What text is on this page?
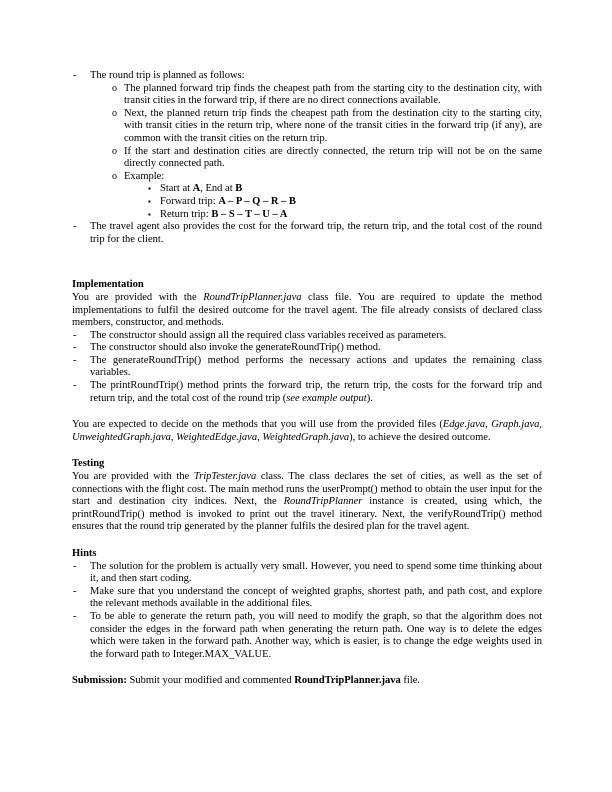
- The round trip is planned as follows:
o The planned forward trip finds the cheapest path from the starting city to the destination city, with transit cities in the forward trip, if there are no direct connections available.
o Next, the planned return trip finds the cheapest path from the destination city to the starting city, with transit cities in the return trip, where none of the transit cities in the forward trip (if any), are common with the transit cities on the return trip.
o If the start and destination cities are directly connected, the return trip will not be on the same directly connected path.
o Example:
▪ Start at A, End at B
▪ Forward trip: A – P – Q – R – B
▪ Return trip: B – S – T – U – A
- The travel agent also provides the cost for the forward trip, the return trip, and the total cost of the round trip for the client.
Implementation

You are provided with the RoundTripPlanner.java class file. You are required to update the method implementations to fulfil the desired outcome for the travel agent. The file already consists of declared class members, constructor, and methods.

- The constructor should assign all the required class variables received as parameters.
- The constructor should also invoke the generateRoundTrip() method.
- The generateRoundTrip() method performs the necessary actions and updates the remaining class variables.
- The printRoundTrip() method prints the forward trip, the return trip, the costs for the forward trip and return trip, and the total cost of the round trip (see example output).

You are expected to decide on the methods that you will use from the provided files (Edge.java, Graph.java, UnweightedGraph.java, WeightedEdge.java, WeightedGraph.java), to achieve the desired outcome.

Testing

You are provided with the TripTester.java class. The class declares the set of cities, as well as the set of connections with the flight cost. The main method runs the userPrompt() method to obtain the user input for the start and destination city indices. Next, the RoundTripPlanner instance is created, using which, the printRoundTrip() method is invoked to print out the travel itinerary. Next, the verifyRoundTrip() method ensures that the round trip generated by the planner fulfils the desired plan for the travel agent.

Hints
- The solution for the problem is actually very small. However, you need to spend some time thinking about it, and then start coding.
- Make sure that you understand the concept of weighted graphs, shortest path, and path cost, and explore the relevant methods available in the additional files.
- To be able to generate the return path, you will need to modify the graph, so that the algorithm does not consider the edges in the forward path when generating the return path. One way is to delete the edges which were taken in the forward path. Another way, which is easier, is to change the edge weights used in the forward path to Integer.MAX_VALUE.

Submission: Submit your modified and commented RoundTripPlanner.java file.
